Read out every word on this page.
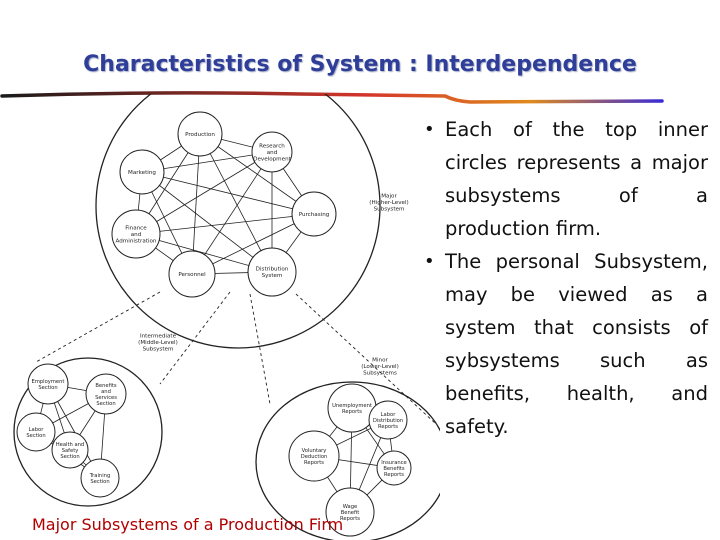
Characteristics of System : Interdependence
Production
Research and Development
Marketing
Purchasing
Finance and Administration
Personnel
Distribution System
Employment Section	Benefits and Services Section
Labor Section
Health and Safety Section
Training Section
Unemployment Reports	Labor Distribution Reports
Voluntary Deduction Reports	Insurance Benefits Reports
Wage Benefit Reports
Major (Higher-Level) Subsystem
Intermediate (Middle-Level) Subsystem
Minor (Lower-Level) Subsystems
• Each of the top inner circles represents a major subsystems of a production firm.
• The personal Subsystem, may be viewed as a system that consists of sybsystems such as benefits, health, and safety.
Major Subsystems of a Production Firm
